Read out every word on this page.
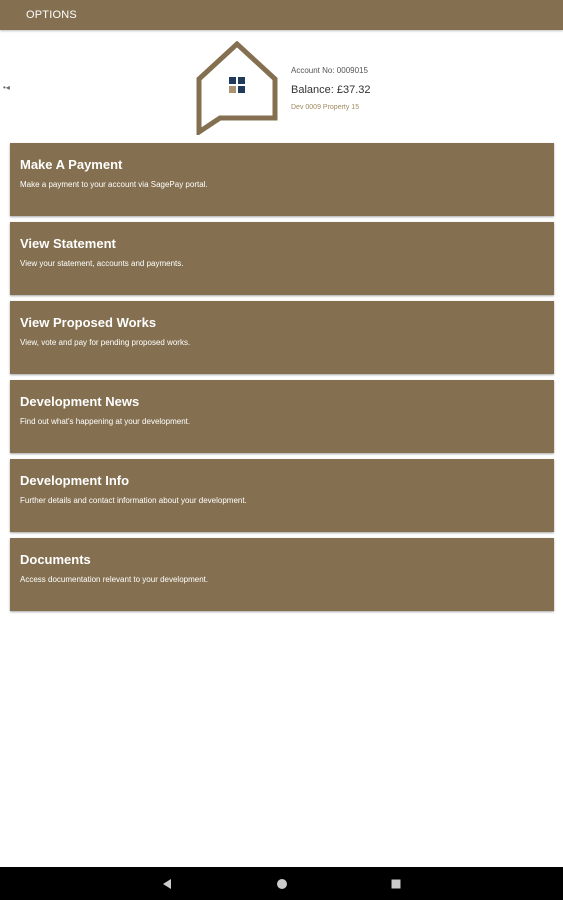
OPTIONS
•◂
Account No: 0009015
Balance: £37.32
Dev 0009 Property 15
Make A Payment
Make a payment to your account via SagePay portal.
View Statement
View your statement, accounts and payments.
View Proposed Works
View, vote and pay for pending proposed works.
Development News
Find out what's happening at your development.
Development Info
Further details and contact information about your development.
Documents
Access documentation relevant to your development.
